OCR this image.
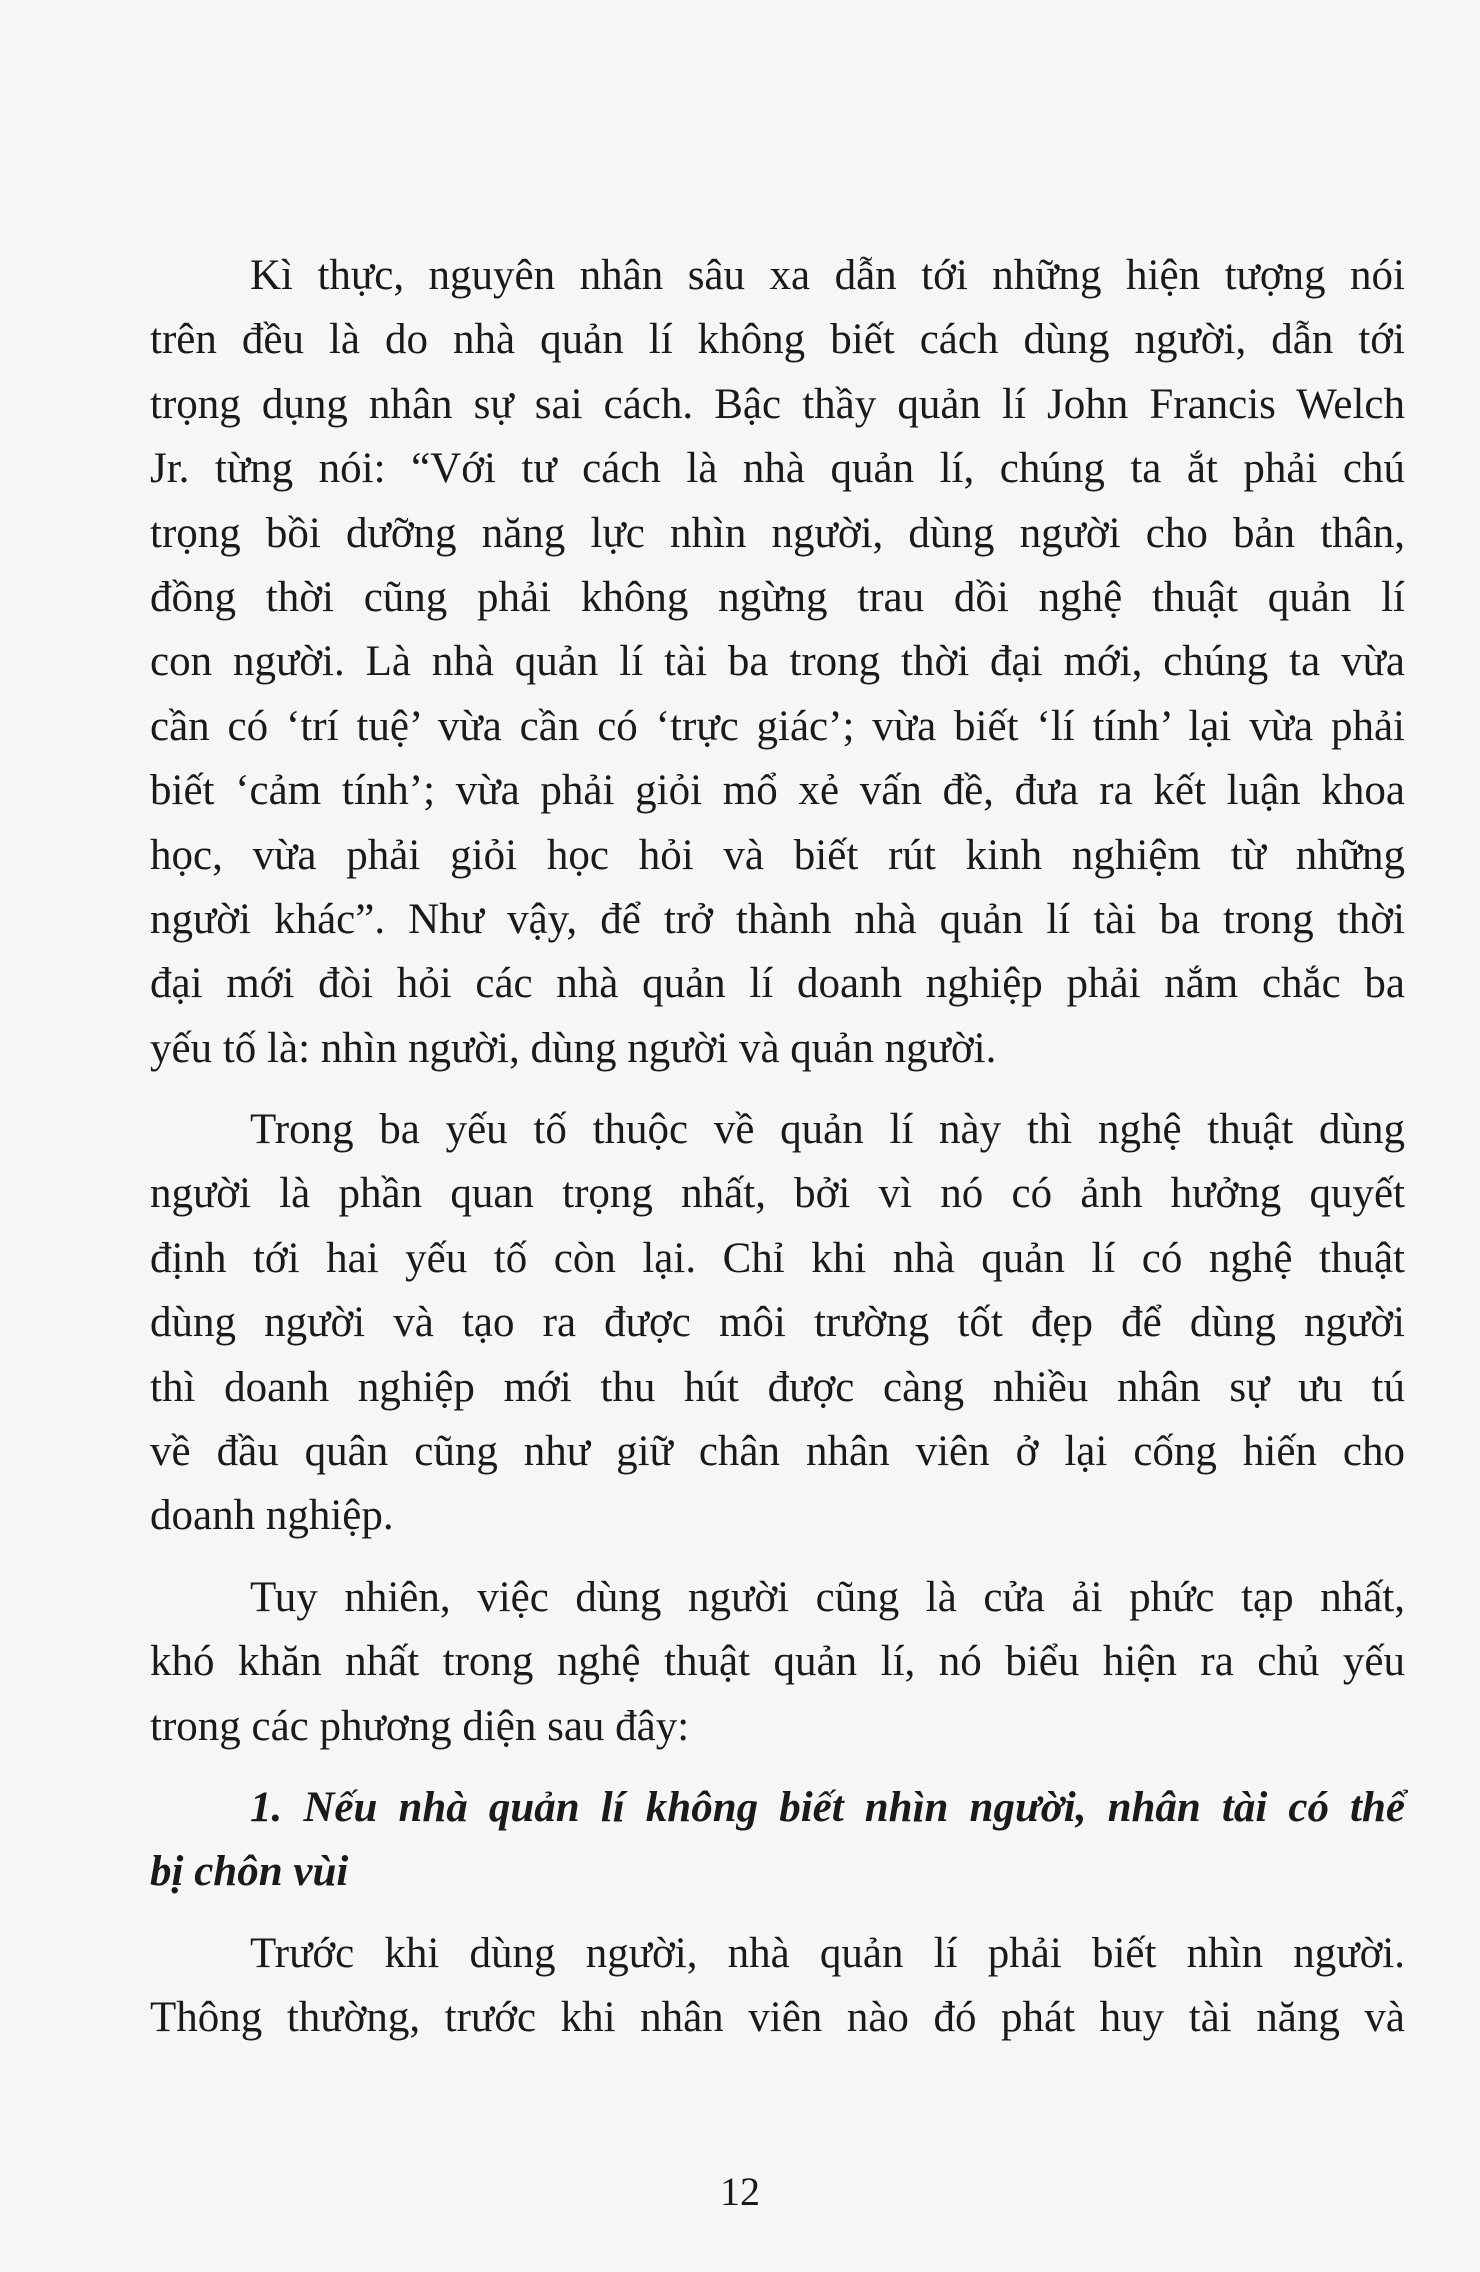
Kì thực, nguyên nhân sâu xa dẫn tới những hiện tượng nói
trên đều là do nhà quản lí không biết cách dùng người, dẫn tới
trọng dụng nhân sự sai cách. Bậc thầy quản lí John Francis Welch
Jr. từng nói: “Với tư cách là nhà quản lí, chúng ta ắt phải chú
trọng bồi dưỡng năng lực nhìn người, dùng người cho bản thân,
đồng thời cũng phải không ngừng trau dồi nghệ thuật quản lí
con người. Là nhà quản lí tài ba trong thời đại mới, chúng ta vừa
cần có ‘trí tuệ’ vừa cần có ‘trực giác’; vừa biết ‘lí tính’ lại vừa phải
biết ‘cảm tính’; vừa phải giỏi mổ xẻ vấn đề, đưa ra kết luận khoa
học, vừa phải giỏi học hỏi và biết rút kinh nghiệm từ những
người khác”. Như vậy, để trở thành nhà quản lí tài ba trong thời
đại mới đòi hỏi các nhà quản lí doanh nghiệp phải nắm chắc ba
yếu tố là: nhìn người, dùng người và quản người.
Trong ba yếu tố thuộc về quản lí này thì nghệ thuật dùng
người là phần quan trọng nhất, bởi vì nó có ảnh hưởng quyết
định tới hai yếu tố còn lại. Chỉ khi nhà quản lí có nghệ thuật
dùng người và tạo ra được môi trường tốt đẹp để dùng người
thì doanh nghiệp mới thu hút được càng nhiều nhân sự ưu tú
về đầu quân cũng như giữ chân nhân viên ở lại cống hiến cho
doanh nghiệp.
Tuy nhiên, việc dùng người cũng là cửa ải phức tạp nhất,
khó khăn nhất trong nghệ thuật quản lí, nó biểu hiện ra chủ yếu
trong các phương diện sau đây:
1. Nếu nhà quản lí không biết nhìn người, nhân tài có thể
bị chôn vùi
Trước khi dùng người, nhà quản lí phải biết nhìn người.
Thông thường, trước khi nhân viên nào đó phát huy tài năng và
12
